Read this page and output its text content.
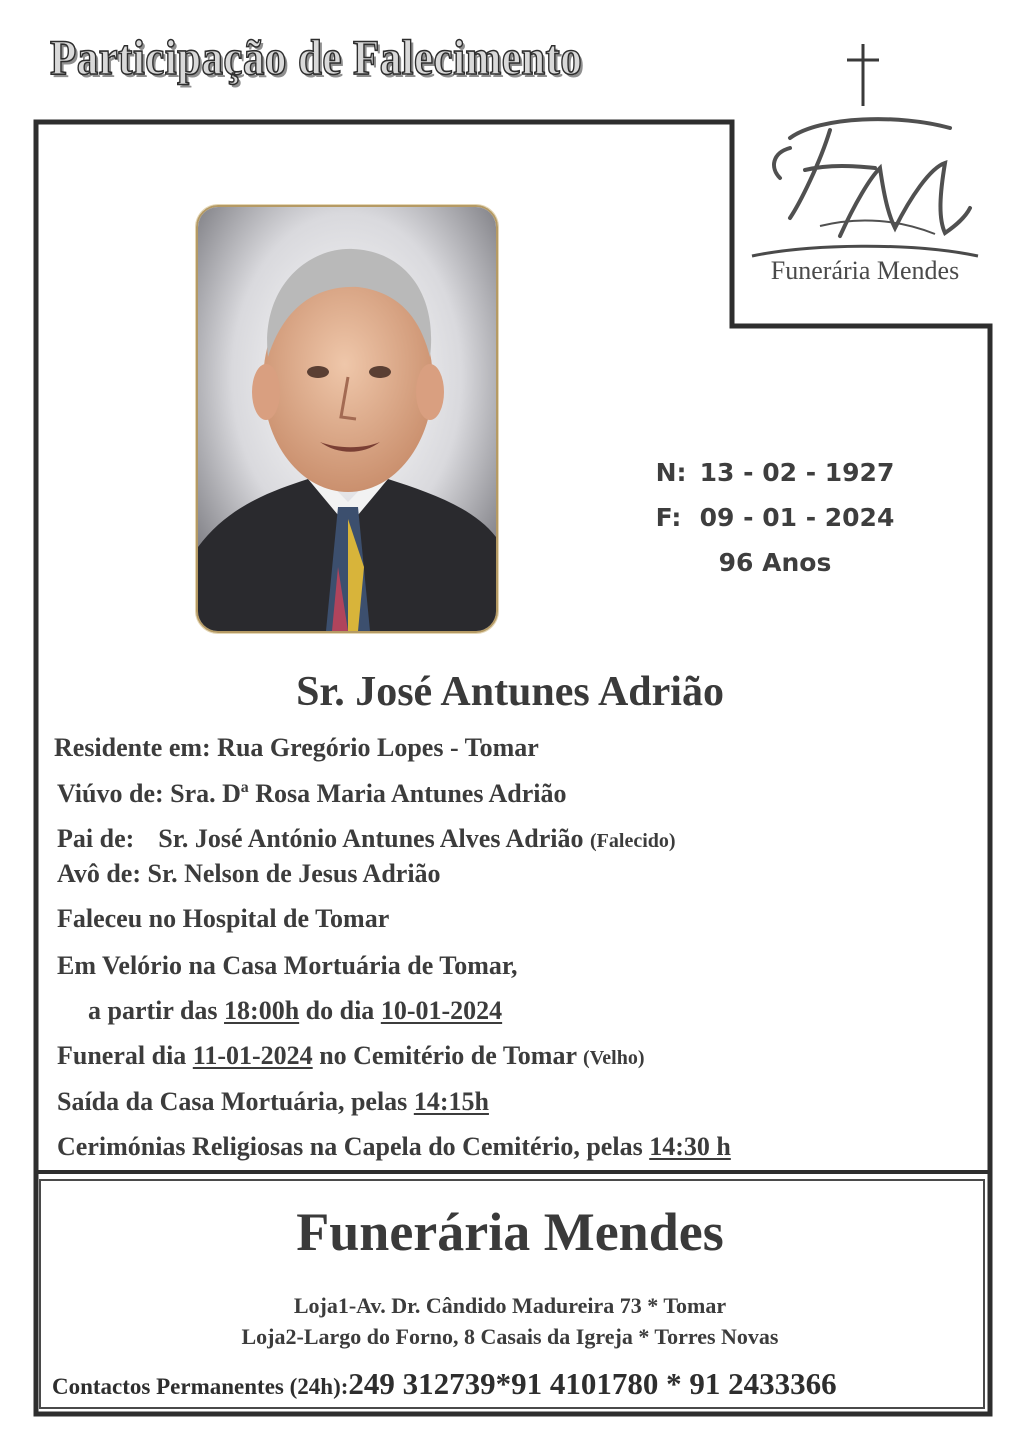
Participação de Falecimento
Funerária Mendes
N: 13 - 02 - 1927
F: 09 - 01 - 2024
96 Anos
Sr. José Antunes Adrião
Residente em: Rua Gregório Lopes - Tomar
Viúvo de: Sra. Dª Rosa Maria Antunes Adrião
Pai de: Sr. José António Antunes Alves Adrião (Falecido)
Avô de: Sr. Nelson de Jesus Adrião
Faleceu no Hospital de Tomar
Em Velório na Casa Mortuária de Tomar,
a partir das 18:00h do dia 10-01-2024
Funeral dia 11-01-2024 no Cemitério de Tomar (Velho)
Saída da Casa Mortuária, pelas 14:15h
Cerimónias Religiosas na Capela do Cemitério, pelas 14:30 h
Funerária Mendes
Loja1-Av. Dr. Cândido Madureira 73 * Tomar
Loja2-Largo do Forno, 8 Casais da Igreja * Torres Novas
Contactos Permanentes (24h):249 312739*91 4101780 * 91 2433366
